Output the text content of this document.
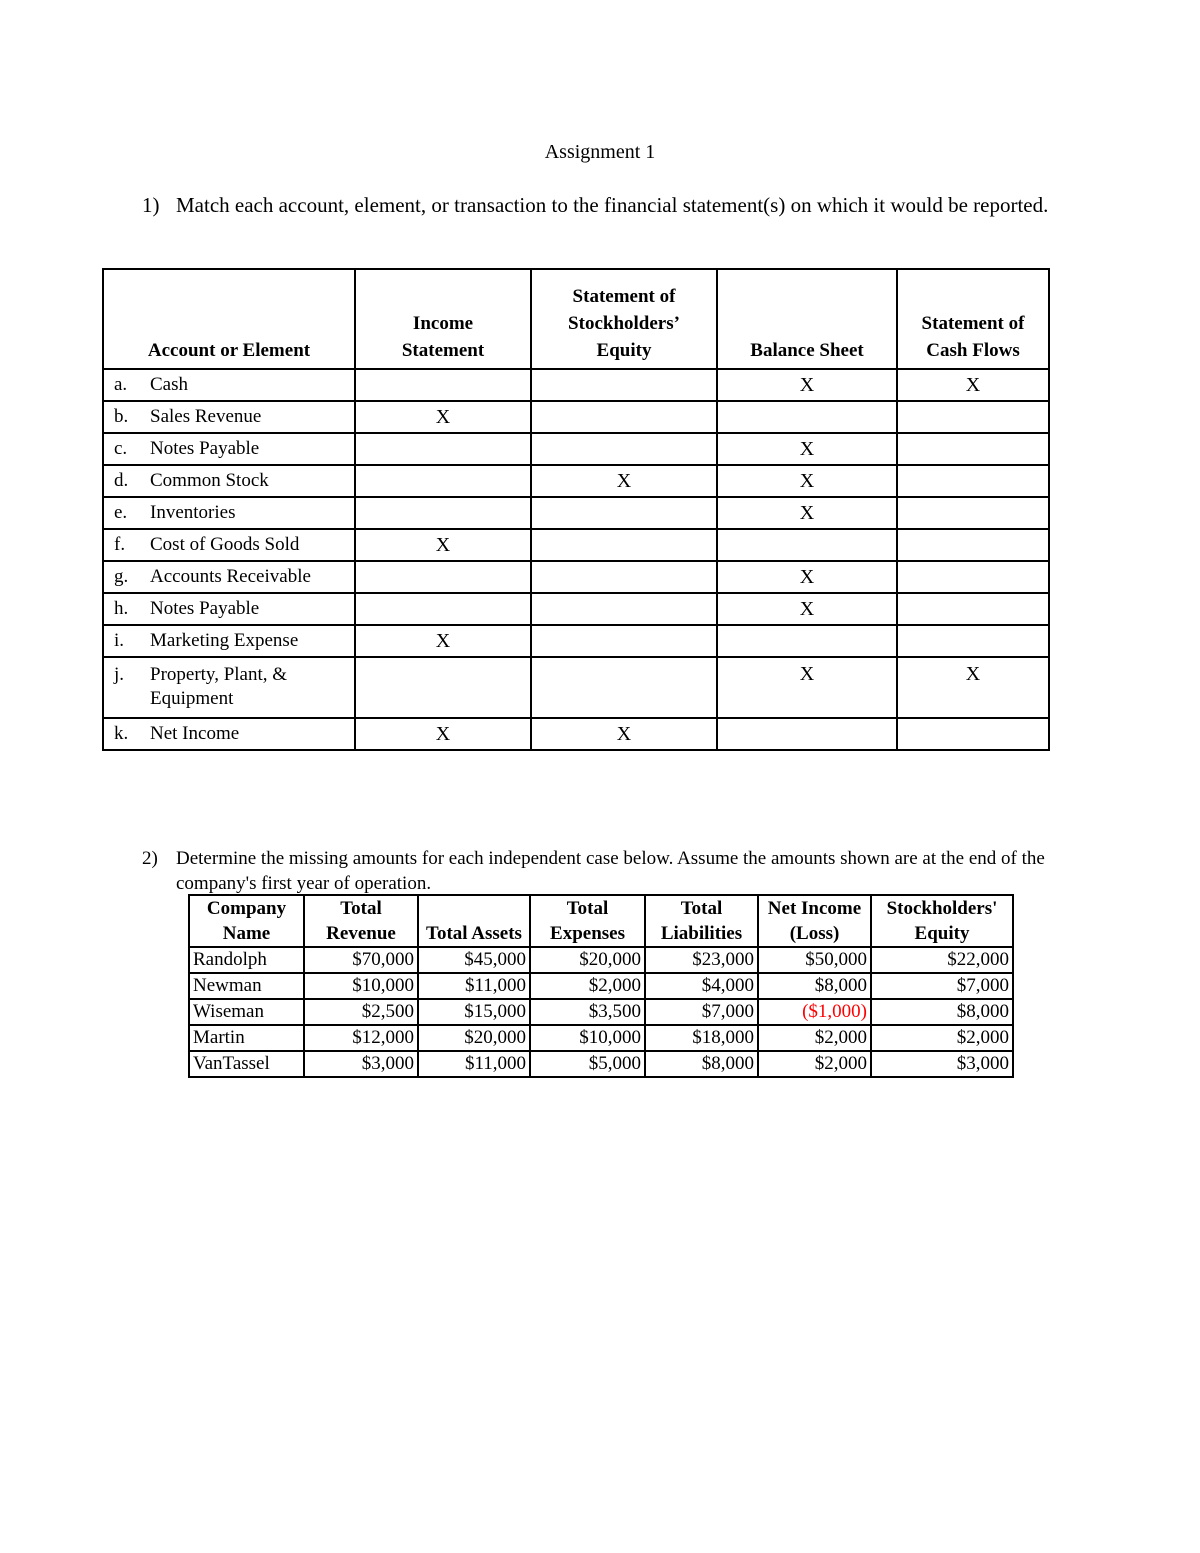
Assignment 1
1) Match each account, element, or transaction to the financial statement(s) on which it would be reported.
Account or Element	Income Statement	Statement of Stockholders’ Equity	Balance Sheet	Statement of Cash Flows
a. Cash			X	X
b. Sales Revenue	X			
c. Notes Payable			X	
d. Common Stock		X	X	
e. Inventories			X	
f. Cost of Goods Sold	X			
g. Accounts Receivable			X	
h. Notes Payable			X	
i. Marketing Expense	X			
j. Property, Plant, & Equipment			X	X
k. Net Income	X	X		
2) Determine the missing amounts for each independent case below. Assume the amounts shown are at the end of the company's first year of operation.
Company Name	Total Revenue	Total Assets	Total Expenses	Total Liabilities	Net Income (Loss)	Stockholders' Equity
Randolph	$70,000	$45,000	$20,000	$23,000	$50,000	$22,000
Newman	$10,000	$11,000	$2,000	$4,000	$8,000	$7,000
Wiseman	$2,500	$15,000	$3,500	$7,000	($1,000)	$8,000
Martin	$12,000	$20,000	$10,000	$18,000	$2,000	$2,000
VanTassel	$3,000	$11,000	$5,000	$8,000	$2,000	$3,000
